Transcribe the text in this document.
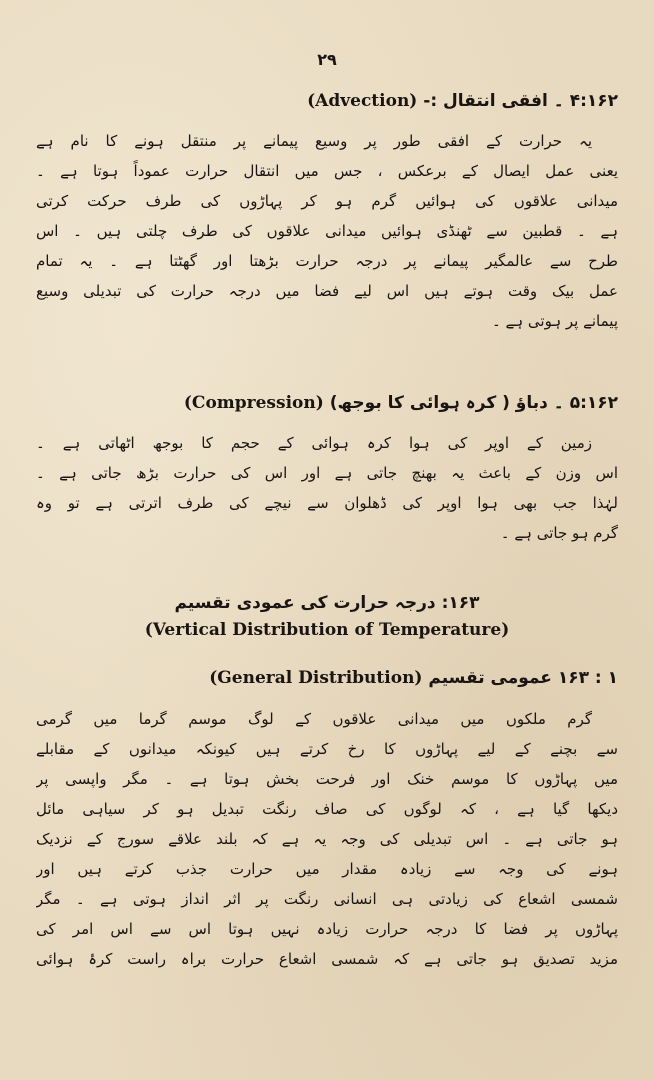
۲۹
۴:۱۶۲ ۔ افقی انتقال :- (Advection)
یہ حرارت کے افقی طور پر وسیع پیمانے پر منتقل ہونے کا نام ہے
یعنی عمل ایصال کے برعکس ، جس میں انتقال حرارت عموداً ہوتا ہے ۔
میدانی علاقوں کی ہوائیں گرم ہو کر پہاڑوں کی طرف حرکت کرتی
ہے ۔ قطبین سے ٹھنڈی ہوائیں میدانی علاقوں کی طرف چلتی ہیں ۔ اس
طرح سے عالمگیر پیمانے پر درجہ حرارت بڑھتا اور گھٹتا ہے ۔ یہ تمام
عمل بیک وقت ہوتے ہیں اس لیے فضا میں درجہ حرارت کی تبدیلی وسیع
پیمانے پر ہوتی ہے ۔
۵:۱۶۲ ۔ دباؤ ( کرہ ہوائی کا بوجھ) (Compression)
زمین کے اوپر کی ہوا کرہ ہوائی کے حجم کا بوجھ اٹھاتی ہے ۔
اس وزن کے باعث یہ بھنچ جاتی ہے اور اس کی حرارت بڑھ جاتی ہے ۔
لہٰذا جب بھی ہوا اوپر کی ڈھلوان سے نیچے کی طرف اترتی ہے تو وہ
گرم ہو جاتی ہے ۔
۱۶۳: درجہ حرارت کی عمودی تقسیم
(Vertical Distribution of Temperature)
۱ : ۱۶۳ عمومی تقسیم (General Distribution)
گرم ملکوں میں میدانی علاقوں کے لوگ موسم گرما میں گرمی
سے بچنے کے لیے پہاڑوں کا رخ کرتے ہیں کیونکہ میدانوں کے مقابلے
میں پہاڑوں کا موسم خنک اور فرحت بخش ہوتا ہے ۔ مگر واپسی پر
دیکھا گیا ہے ، کہ لوگوں کی صاف رنگت تبدیل ہو کر سیاہی مائل
ہو جاتی ہے ۔ اس تبدیلی کی وجہ یہ ہے کہ بلند علاقے سورج کے نزدیک
ہونے کی وجہ سے زیادہ مقدار میں حرارت جذب کرتے ہیں اور
شمسی اشعاع کی زیادتی ہی انسانی رنگت پر اثر انداز ہوتی ہے ۔ مگر
پہاڑوں پر فضا کا درجہ حرارت زیادہ نہیں ہوتا اس سے اس امر کی
مزید تصدیق ہو جاتی ہے کہ شمسی اشعاع حرارت براہ راست کرۂ ہوائی
